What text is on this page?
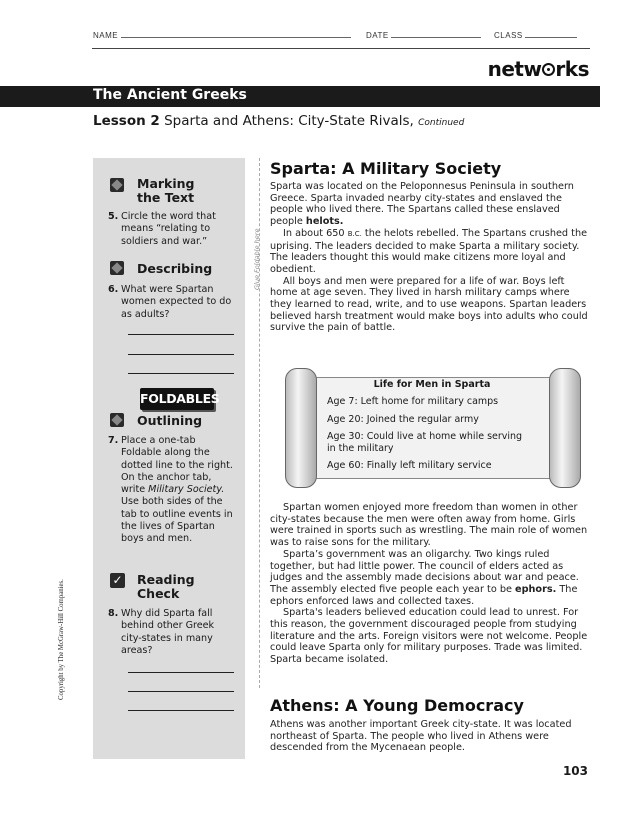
NAME	DATE	CLASS
netw rks
The Ancient Greeks
Lesson 2 Sparta and Athens: City-State Rivals, Continued
Marking
the Text
5. Circle the word that means “relating to soldiers and war.”
Describing
6. What were Spartan women expected to do as adults?
FOLDABLES
Outlining
7. Place a one-tab Foldable along the dotted line to the right. On the anchor tab, write Military Society. Use both sides of the tab to outline events in the lives of Spartan boys and men.
✓ Reading
Check
8. Why did Sparta fall behind other Greek city-states in many areas?
Glue Foldable here
Copyright by The McGraw-Hill Companies.
Sparta: A Military Society

Sparta was located on the Peloponnesus Peninsula in southern Greece. Sparta invaded nearby city-states and enslaved the people who lived there. The Spartans called these enslaved people helots.

In about 650 B.C. the helots rebelled. The Spartans crushed the uprising. The leaders decided to make Sparta a military society. The leaders thought this would make citizens more loyal and obedient.

All boys and men were prepared for a life of war. Boys left home at age seven. They lived in harsh military camps where they learned to read, write, and to use weapons. Spartan leaders believed harsh treatment would make boys into adults who could survive the pain of battle.

Life for Men in Sparta
Age 7: Left home for military camps
Age 20: Joined the regular army
Age 30: Could live at home while serving in the military
Age 60: Finally left military service

Spartan women enjoyed more freedom than women in other city-states because the men were often away from home. Girls were trained in sports such as wrestling. The main role of women was to raise sons for the military.

Sparta’s government was an oligarchy. Two kings ruled together, but had little power. The council of elders acted as judges and the assembly made decisions about war and peace. The assembly elected five people each year to be ephors. The ephors enforced laws and collected taxes.

Sparta's leaders believed education could lead to unrest. For this reason, the government discouraged people from studying literature and the arts. Foreign visitors were not welcome. People could leave Sparta only for military purposes. Trade was limited. Sparta became isolated.

Athens: A Young Democracy

Athens was another important Greek city-state. It was located northeast of Sparta. The people who lived in Athens were descended from the Mycenaean people.

103
